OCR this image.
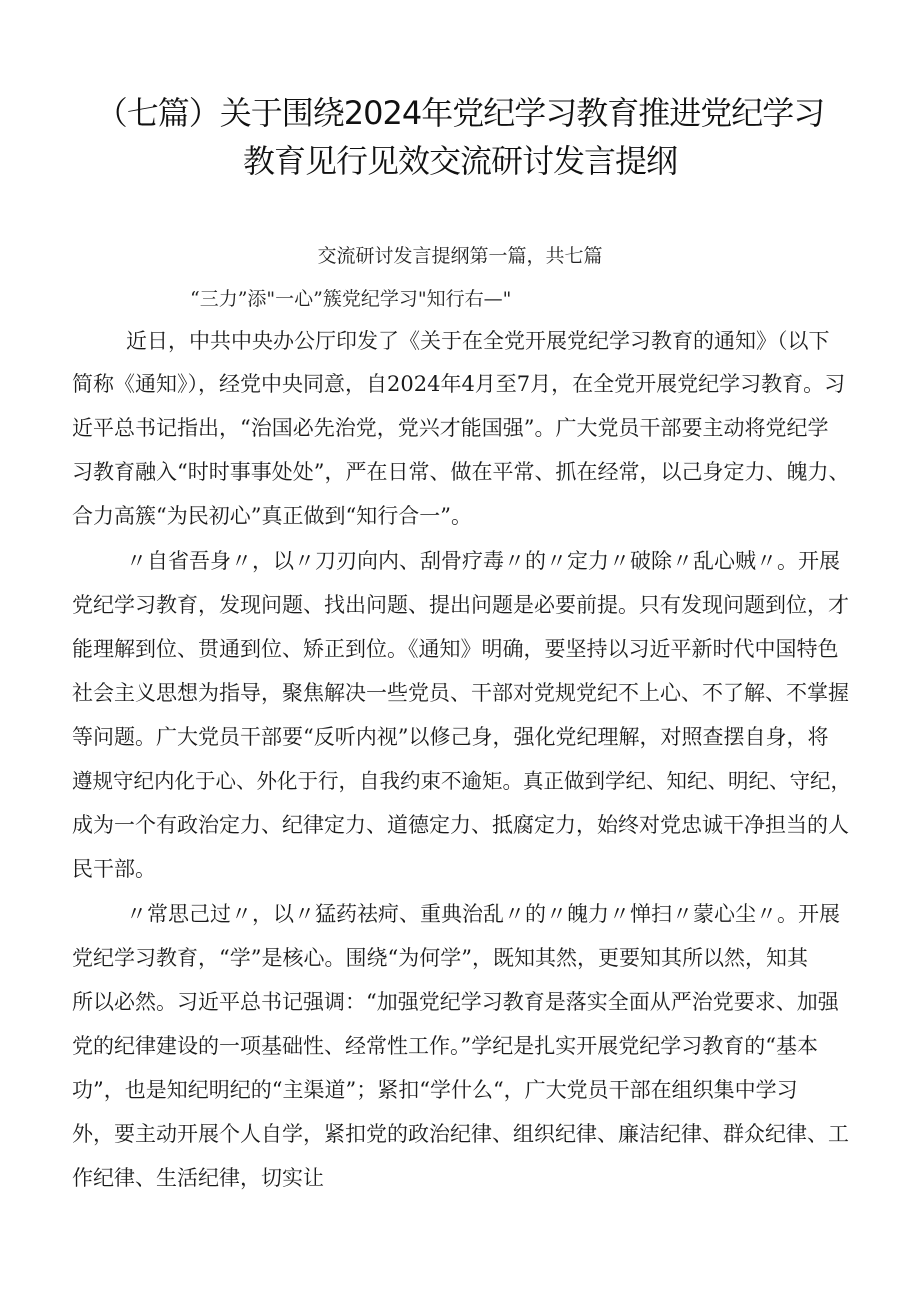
（七篇）关于围绕2024年党纪学习教育推进党纪学习
教育见行见效交流研讨发言提纲
交流研讨发言提纲第一篇，共七篇
“三力”添"一心”簇党纪学习"知行右—"
近日，中共中央办公厅印发了《关于在全党开展党纪学习教育的通知》（以下
简称《通知》），经党中央同意，自2024年4月至7月，在全党开展党纪学习教育。习
近平总书记指出，“治国必先治党，党兴才能国强”。广大党员干部要主动将党纪学
习教育融入“时时事事处处”，严在日常、做在平常、抓在经常，以己身定力、魄力、
合力高簇“为民初心”真正做到“知行合一”。
〃自省吾身〃，以〃刀刃向内、刮骨疗毒〃的〃定力〃破除〃乱心贼〃。开展
党纪学习教育，发现问题、找出问题、提出问题是必要前提。只有发现问题到位，才
能理解到位、贯通到位、矫正到位。《通知》明确，要坚持以习近平新时代中国特色
社会主义思想为指导，聚焦解决一些党员、干部对党规党纪不上心、不了解、不掌握
等问题。广大党员干部要“反听内视”以修己身，强化党纪理解，对照查摆自身，将
遵规守纪内化于心、外化于行，自我约束不逾矩。真正做到学纪、知纪、明纪、守纪，
成为一个有政治定力、纪律定力、道德定力、抵腐定力，始终对党忠诚干净担当的人
民干部。
〃常思己过〃，以〃猛药祛疴、重典治乱〃的〃魄力〃惮扫〃蒙心尘〃。开展
党纪学习教育，“学”是核心。围绕“为何学”，既知其然，更要知其所以然，知其
所以必然。习近平总书记强调：“加强党纪学习教育是落实全面从严治党要求、加强
党的纪律建设的一项基础性、经常性工作。”学纪是扎实开展党纪学习教育的“基本
功”，也是知纪明纪的“主渠道”；紧扣“学什么“，广大党员干部在组织集中学习
外，要主动开展个人自学，紧扣党的政治纪律、组织纪律、廉洁纪律、群众纪律、工
作纪律、生活纪律，切实让
